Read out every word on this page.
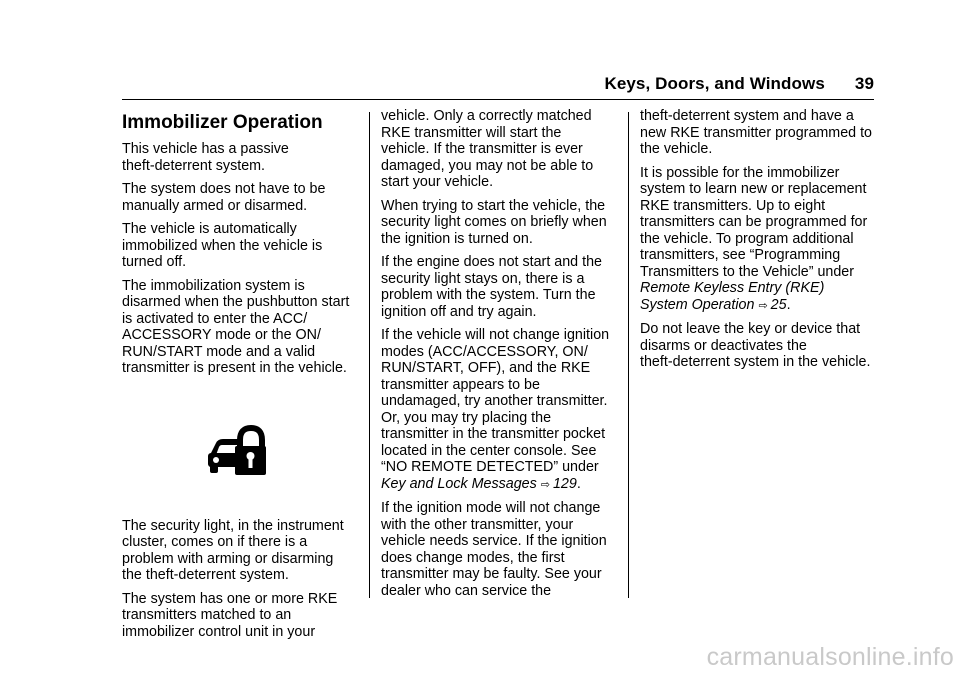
Keys, Doors, and Windows 39
Immobilizer Operation

This vehicle has a passive
theft-deterrent system.

The system does not have to be
manually armed or disarmed.

The vehicle is automatically
immobilized when the vehicle is
turned off.

The immobilization system is
disarmed when the pushbutton start
is activated to enter the ACC/
ACCESSORY mode or the ON/
RUN/START mode and a valid
transmitter is present in the vehicle.

The security light, in the instrument
cluster, comes on if there is a
problem with arming or disarming
the theft-deterrent system.

The system has one or more RKE
transmitters matched to an
immobilizer control unit in your

vehicle. Only a correctly matched
RKE transmitter will start the
vehicle. If the transmitter is ever
damaged, you may not be able to
start your vehicle.

When trying to start the vehicle, the
security light comes on briefly when
the ignition is turned on.

If the engine does not start and the
security light stays on, there is a
problem with the system. Turn the
ignition off and try again.

If the vehicle will not change ignition
modes (ACC/ACCESSORY, ON/
RUN/START, OFF), and the RKE
transmitter appears to be
undamaged, try another transmitter.
Or, you may try placing the
transmitter in the transmitter pocket
located in the center console. See
“NO REMOTE DETECTED” under
Key and Lock Messages ⇨ 129.

If the ignition mode will not change
with the other transmitter, your
vehicle needs service. If the ignition
does change modes, the first
transmitter may be faulty. See your
dealer who can service the

theft-deterrent system and have a
new RKE transmitter programmed to
the vehicle.

It is possible for the immobilizer
system to learn new or replacement
RKE transmitters. Up to eight
transmitters can be programmed for
the vehicle. To program additional
transmitters, see “Programming
Transmitters to the Vehicle” under
Remote Keyless Entry (RKE)
System Operation ⇨ 25.

Do not leave the key or device that
disarms or deactivates the
theft-deterrent system in the vehicle.

carmanualsonline.info
